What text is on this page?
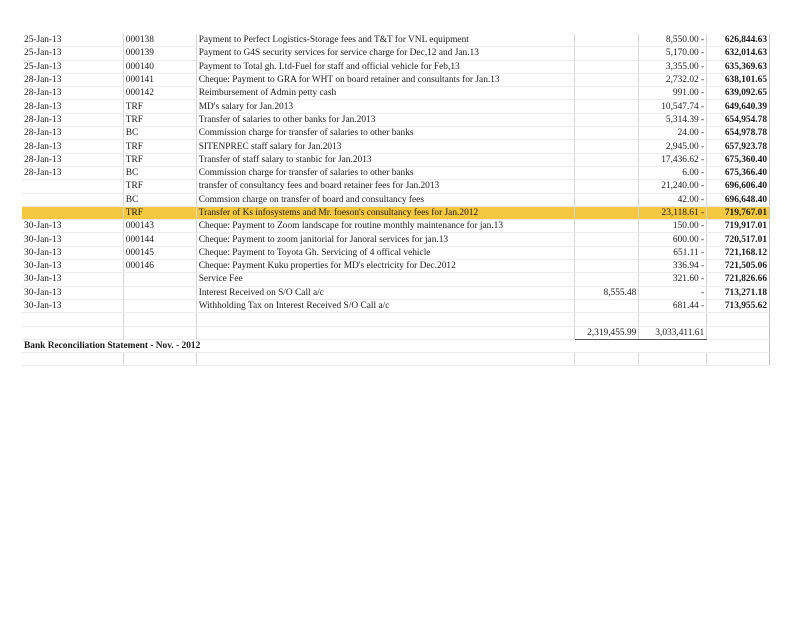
25-Jan-13	000138	Payment to Perfect Logistics-Storage fees and T&T for VNL equipment		8,550.00 -	626,844.63
25-Jan-13	000139	Payment to G4S security services for service charge for Dec,12 and Jan.13		5,170.00 -	632,014.63
25-Jan-13	000140	Payment to Total gh. Ltd-Fuel for staff and official vehicle for Feb,13		3,355.00 -	635,369.63
28-Jan-13	000141	Cheque: Payment to GRA for WHT on board retainer and consultants for Jan.13		2,732.02 -	638,101.65
28-Jan-13	000142	Reimbursement of Admin petty cash		991.00 -	639,092.65
28-Jan-13	TRF	MD's salary for Jan.2013		10,547.74 -	649,640.39
28-Jan-13	TRF	Transfer of salaries to other banks for Jan.2013		5,314.39 -	654,954.78
28-Jan-13	BC	Commission charge for transfer of salaries to other banks		24.00 -	654,978.78
28-Jan-13	TRF	SITENPREC staff salary for Jan.2013		2,945.00 -	657,923.78
28-Jan-13	TRF	Transfer of staff salary to stanbic for Jan.2013		17,436.62 -	675,360.40
28-Jan-13	BC	Commission charge for transfer of salaries to other banks		6.00 -	675,366.40
	TRF	transfer of consultancy fees and board retainer fees for Jan.2013		21,240.00 -	696,606.40
	BC	Commsion charge on transfer of board and consultancy fees		42.00 -	696,648.40
	TRF	Transfer of Ks infosystems and Mr. foeson's consultancy fees for Jan.2012		23,118.61 -	719,767.01
30-Jan-13	000143	Cheque: Payment to Zoom landscape for routine monthly maintenance for jan.13		150.00 -	719,917.01
30-Jan-13	000144	Cheque: Payment to zoom janitorial for Janoral services for jan.13		600.00 -	720,517.01
30-Jan-13	000145	Cheque: Payment to Toyota Gh. Servicing of 4 offical vehicle		651.11 -	721,168.12
30-Jan-13	000146	Cheque: Payment Kuku properties for MD's electricity for Dec.2012		336.94 -	721,505.06
30-Jan-13		Service Fee		321.60 -	721,826.66
30-Jan-13		Interest Received on S/O Call a/c	8,555.48	-	713,271.18
30-Jan-13		Withholding Tax on Interest Received S/O Call a/c		681.44 -	713,955.62

			2,319,455.99	3,033,411.61	
Bank Reconciliation Statement - Nov. - 2012					
